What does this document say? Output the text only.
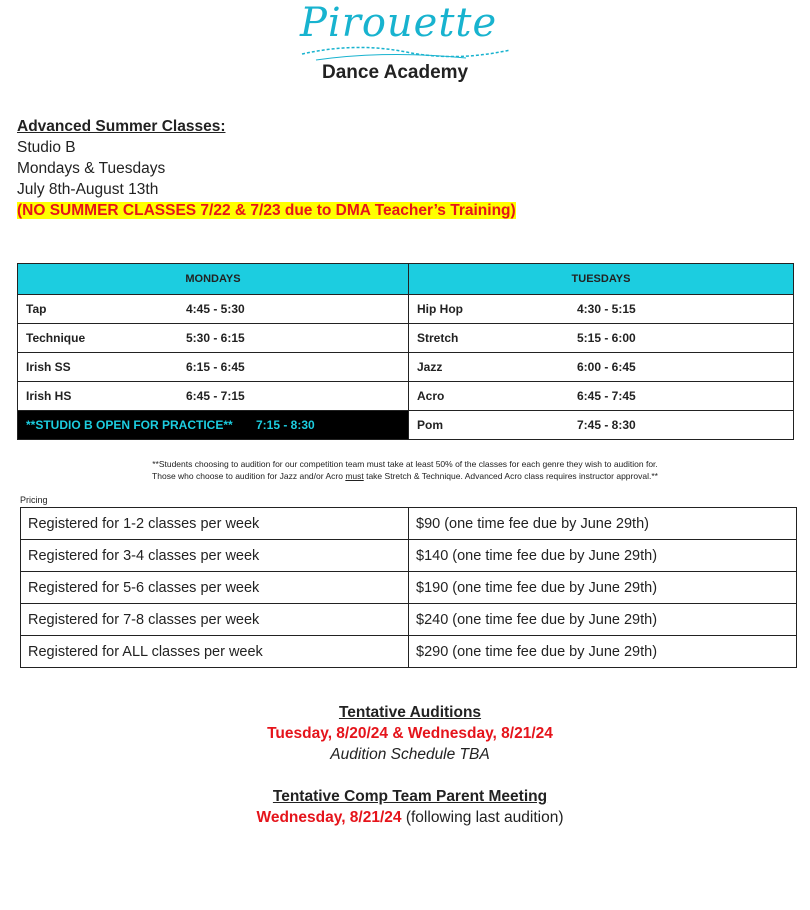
Pirouette
Dance Academy
Advanced Summer Classes:
Studio B
Mondays & Tuesdays
July 8th-August 13th
(NO SUMMER CLASSES 7/22 & 7/23 due to DMA Teacher’s Training)
MONDAYS	TUESDAYS

Tap 4:45 - 5:30	Hip Hop 4:30 - 5:15

Technique 5:30 - 6:15	Stretch 5:15 - 6:00

Irish SS 6:15 - 6:45	Jazz 6:00 - 6:45

Irish HS 6:45 - 7:15	Acro 6:45 - 7:45

**STUDIO B OPEN FOR PRACTICE** 7:15 - 8:30	Pom 7:45 - 8:30
**Students choosing to audition for our competition team must take at least 50% of the classes for each genre they wish to audition for.
Those who choose to audition for Jazz and/or Acro must take Stretch & Technique. Advanced Acro class requires instructor approval.**
Pricing
Registered for 1-2 classes per week	$90 (one time fee due by June 29th)
Registered for 3-4 classes per week	$140 (one time fee due by June 29th)
Registered for 5-6 classes per week	$190 (one time fee due by June 29th)
Registered for 7-8 classes per week	$240 (one time fee due by June 29th)
Registered for ALL classes per week	$290 (one time fee due by June 29th)
Tentative Auditions
Tuesday, 8/20/24 & Wednesday, 8/21/24
Audition Schedule TBA
Tentative Comp Team Parent Meeting
Wednesday, 8/21/24 (following last audition)
